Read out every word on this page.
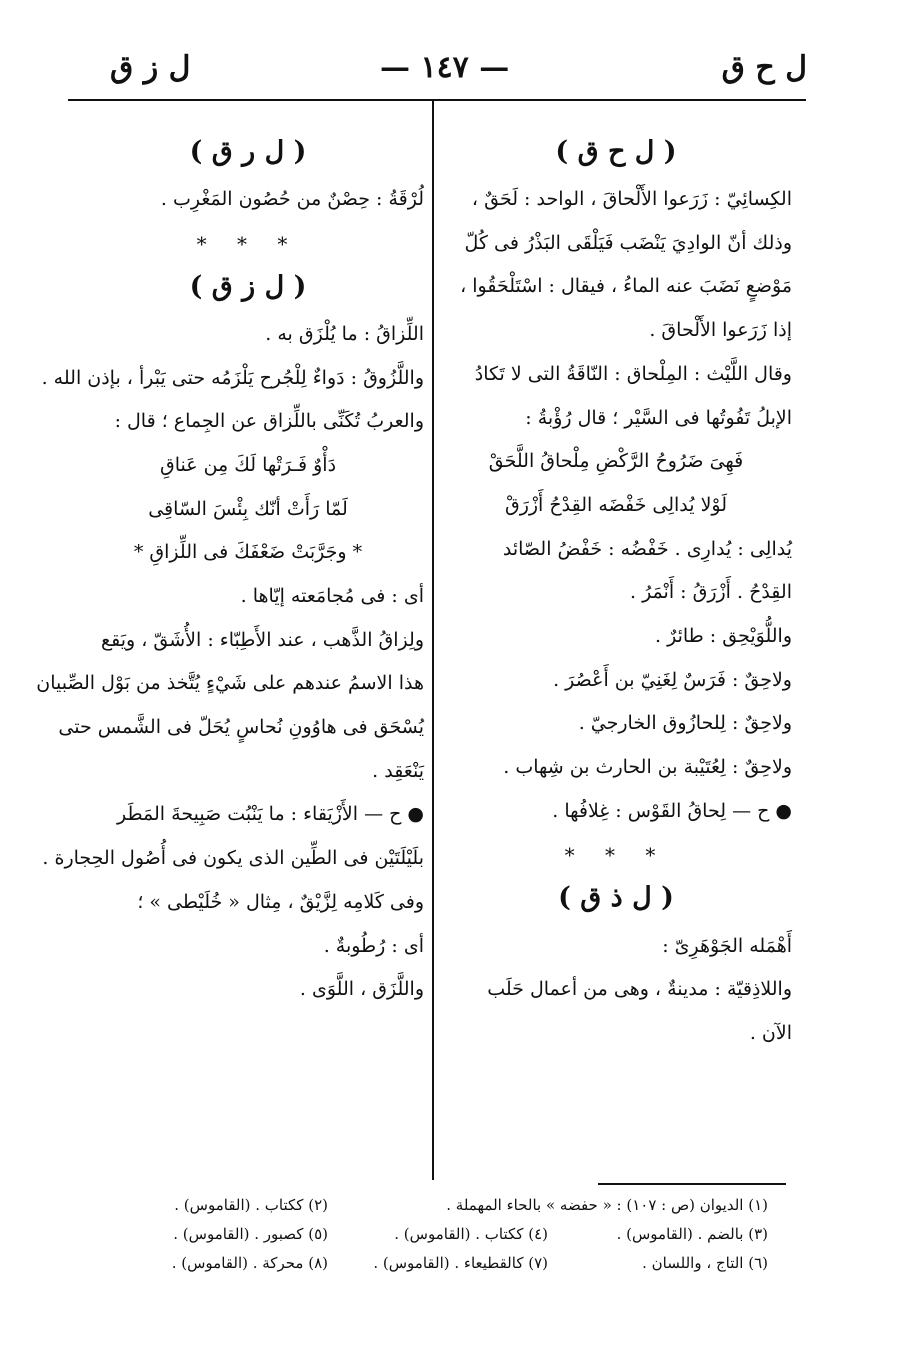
ل ح ق
— ١٤٧ —
ل ز ق
( ل ح ق )
الكِسائِيّ : زَرَعوا الأَلْحاقَ ، الواحد : لَحَقٌ ،
وذلك أنّ الوادِيَ يَنْضَب فَيَلْقَى البَذْرُ فى كُلّ
مَوْضعٍ نَضَبَ عنه الماءُ ، فيقال : اسْتَلْحَقُوا ،
إذا زَرَعوا الأَلْحاقَ .
وقال اللَّيْث : المِلْحاق : النّاقَةُ التى لا تَكادُ
الإبلُ تَفُوتُها فى السَّيْر ؛ قال رُؤْبةُ :
فَهِىَ ضَرُوحُ الرَّكْضِ مِلْحاقُ اللَّحَقْ
لَوْلا يُدالِى خَفْضَه القِدْحُ أَزْرَقْ
يُدالِى : يُدارِى . خَفْضُه : خَفْضُ الصّائد
القِدْحُ . أَزْرَقُ : أَنْمَرُ .
واللُّوَيْحِق : طائرٌ .
ولاحِقٌ : فَرَسٌ لِغَنِيّ بن أَعْصُرَ .
ولاحِقٌ : لِلحازُوق الخارجيّ .
ولاحِقٌ : لِعُتَيْبة بن الحارث بن شِهاب .
● ح — لِحاقُ القَوْس : غِلافُها .
* * *
( ل ذ ق )
أَهْمَله الجَوْهَرِىّ :
واللاذِقيّة : مدينةٌ ، وهى من أعمال حَلَب
الآن .
( ل ر ق )
لُرْقَةُ : حِصْنٌ من حُصُون المَغْرِب .
* * *
( ل ز ق )
اللِّزاقُ : ما يُلْزَق به .
واللَّزُوقُ : دَواءٌ لِلْجُرح يَلْزَمُه حتى يَبْرأ ، بإذن الله .
والعربُ تُكَنِّى باللِّزاق عن الجِماع ؛ قال :
دَأْوٌ فَـرَتْها لَكَ مِن عَناقِ
لَمّا رَأَتْ أنّك بِئْسَ السّاقِى
* وجَرَّبَتْ ضَعْفَكَ فى اللِّزاقِ *
أى : فى مُجامَعته إيّاها .
ولِزاقُ الذَّهب ، عند الأَطِبّاء : الأُشَقّ ، ويَقع
هذا الاسمُ عندهم على شَيْءٍ يُتَّخذ من بَوْل الصِّبيان
يُسْحَق فى هاوُونِ نُحاسٍ يُحَلّ فى الشَّمس حتى
يَنْعَقِد .
● ح — الأَزْيَقاء : ما يَنْبُت صَبِيحةَ المَطَر
بلَيْلَتَيْن فى الطِّين الذى يكون فى أُصُول الحِجارة .
وفى كَلامِه لِزَّيْقٌ ، مِثال « خُلَيْطى » ؛
أى : رُطُوبةٌ .
واللَّزَق ، اللَّوَى .
(١) الديوان (ص : ١٠٧) : « حفضه » بالحاء المهملة .
(٢) ككتاب . (القاموس) .
(٣) بالضم . (القاموس) .
(٤) ككتاب . (القاموس) .
(٥) كصبور . (القاموس) .
(٦) التاج ، واللسان .
(٧) كالقطيعاء . (القاموس) .
(٨) محركة . (القاموس) .
